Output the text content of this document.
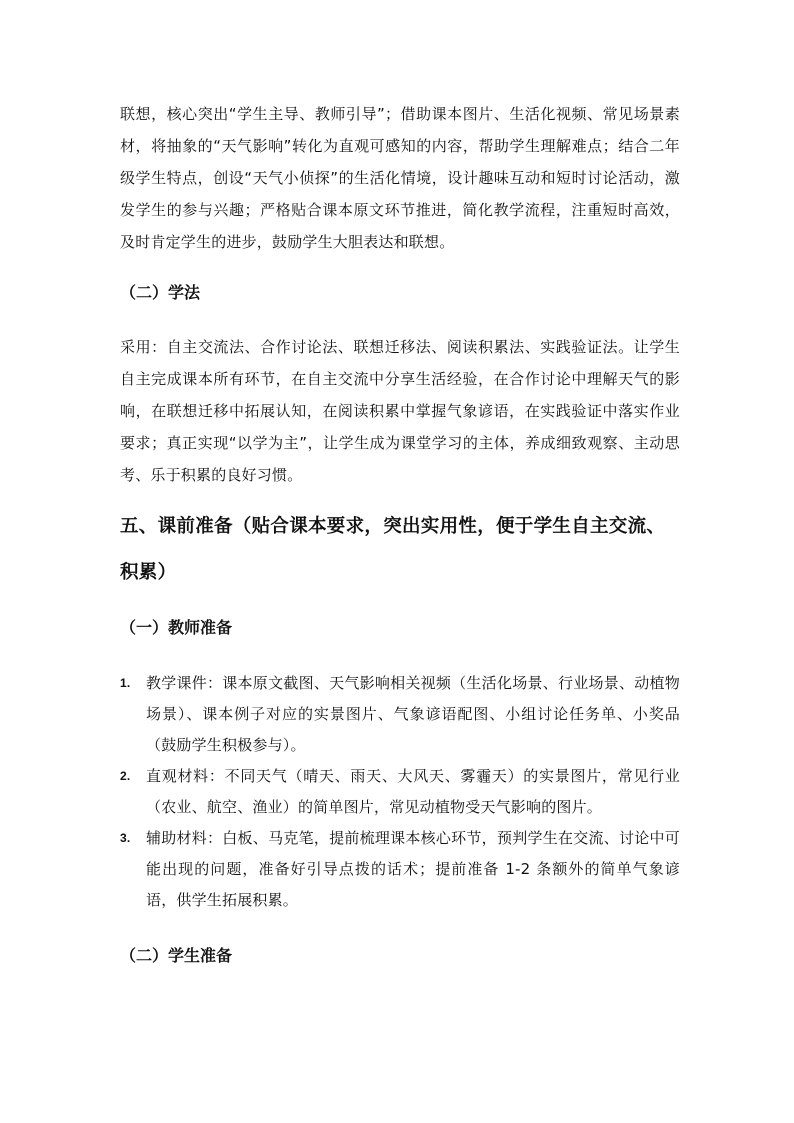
联想，核心突出“学生主导、教师引导”；借助课本图片、生活化视频、常见场景素材，将抽象的“天气影响”转化为直观可感知的内容，帮助学生理解难点；结合二年级学生特点，创设“天气小侦探”的生活化情境，设计趣味互动和短时讨论活动，激发学生的参与兴趣；严格贴合课本原文环节推进，简化教学流程，注重短时高效，及时肯定学生的进步，鼓励学生大胆表达和联想。

（二）学法

采用：自主交流法、合作讨论法、联想迁移法、阅读积累法、实践验证法。让学生自主完成课本所有环节，在自主交流中分享生活经验，在合作讨论中理解天气的影响，在联想迁移中拓展认知，在阅读积累中掌握气象谚语，在实践验证中落实作业要求；真正实现“以学为主”，让学生成为课堂学习的主体，养成细致观察、主动思考、乐于积累的良好习惯。

五、课前准备（贴合课本要求，突出实用性，便于学生自主交流、积累）

（一）教师准备

1. 教学课件：课本原文截图、天气影响相关视频（生活化场景、行业场景、动植物场景）、课本例子对应的实景图片、气象谚语配图、小组讨论任务单、小奖品（鼓励学生积极参与）。
2. 直观材料：不同天气（晴天、雨天、大风天、雾霾天）的实景图片，常见行业（农业、航空、渔业）的简单图片，常见动植物受天气影响的图片。
3. 辅助材料：白板、马克笔，提前梳理课本核心环节，预判学生在交流、讨论中可能出现的问题，准备好引导点拨的话术；提前准备 1-2 条额外的简单气象谚语，供学生拓展积累。

（二）学生准备
